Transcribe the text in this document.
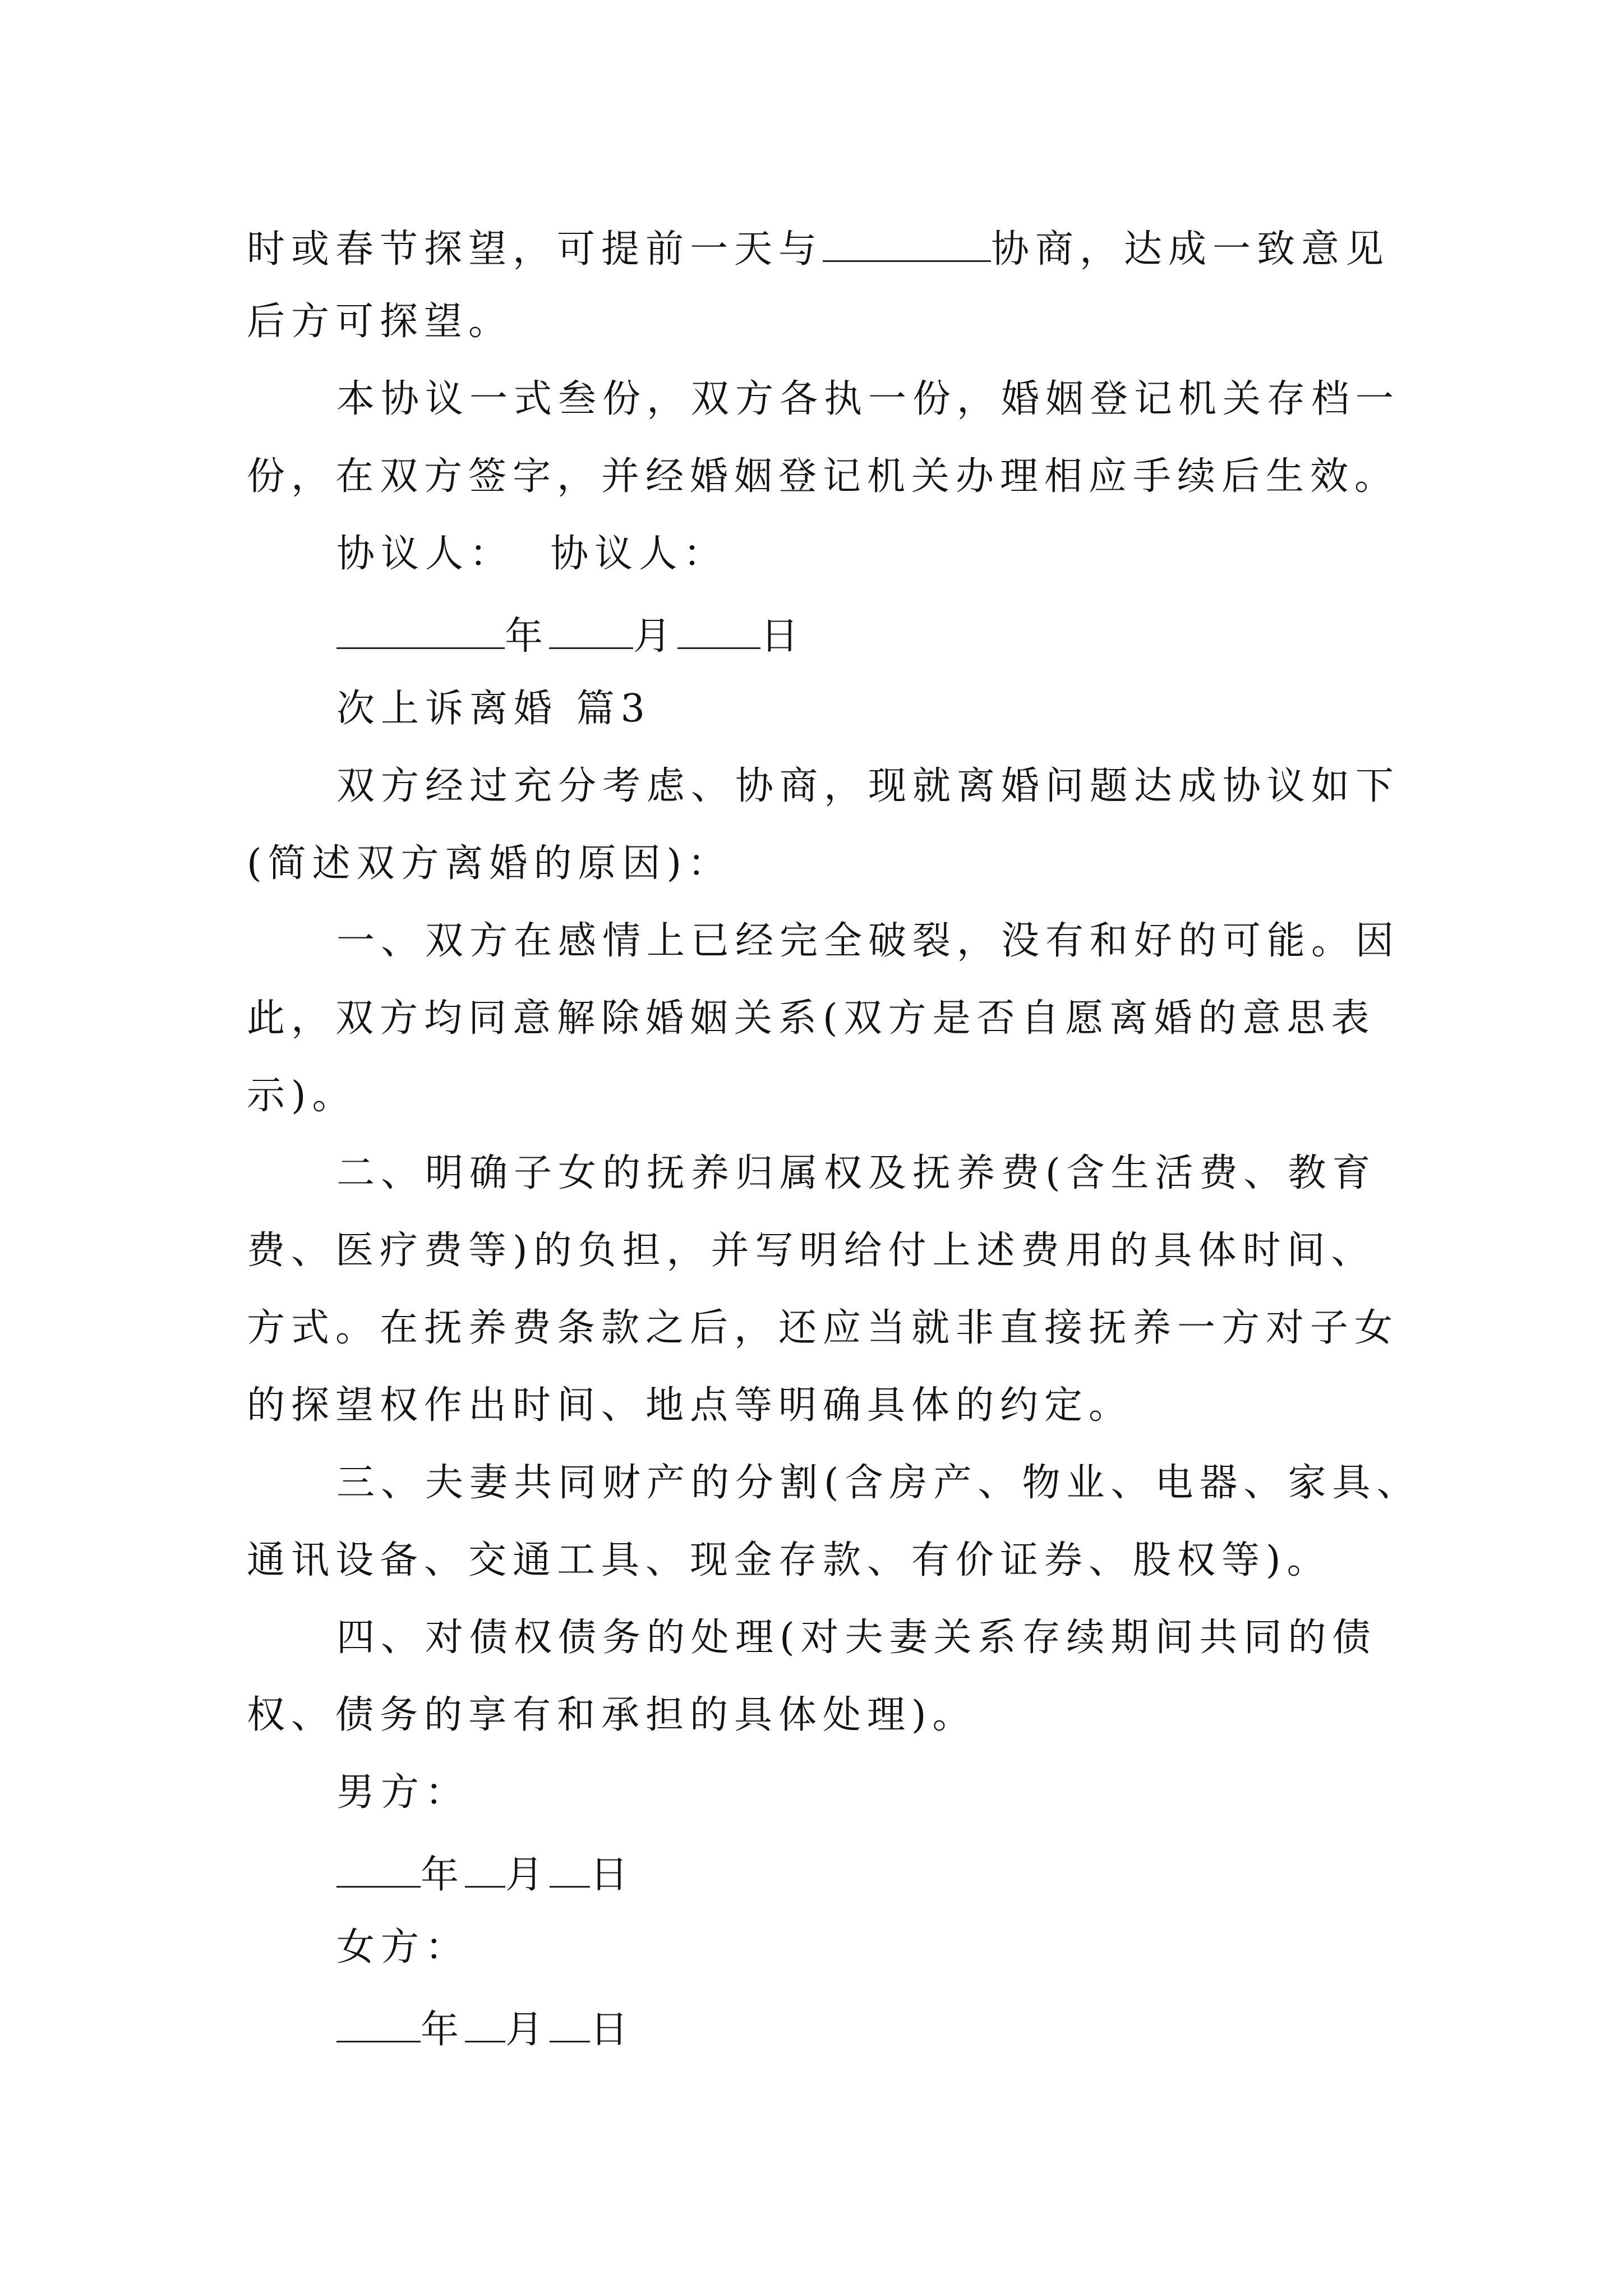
时或春节探望，可提前一天与	协商，达成一致意见
后方可探望。
本协议一式叁份，双方各执一份，婚姻登记机关存档一
份，在双方签字，并经婚姻登记机关办理相应手续后生效。
协议人：  协议人：
年 月 日
次上诉离婚 篇3
双方经过充分考虑、协商，现就离婚问题达成协议如下
(简述双方离婚的原因)：
一、双方在感情上已经完全破裂，没有和好的可能。因
此，双方均同意解除婚姻关系(双方是否自愿离婚的意思表
示)。
二、明确子女的抚养归属权及抚养费(含生活费、教育
费、医疗费等)的负担，并写明给付上述费用的具体时间、
方式。在抚养费条款之后，还应当就非直接抚养一方对子女
的探望权作出时间、地点等明确具体的约定。
三、夫妻共同财产的分割(含房产、物业、电器、家具、
通讯设备、交通工具、现金存款、有价证券、股权等)。
四、对债权债务的处理(对夫妻关系存续期间共同的债
权、债务的享有和承担的具体处理)。
男方：
年 月 日
女方：
年 月 日
